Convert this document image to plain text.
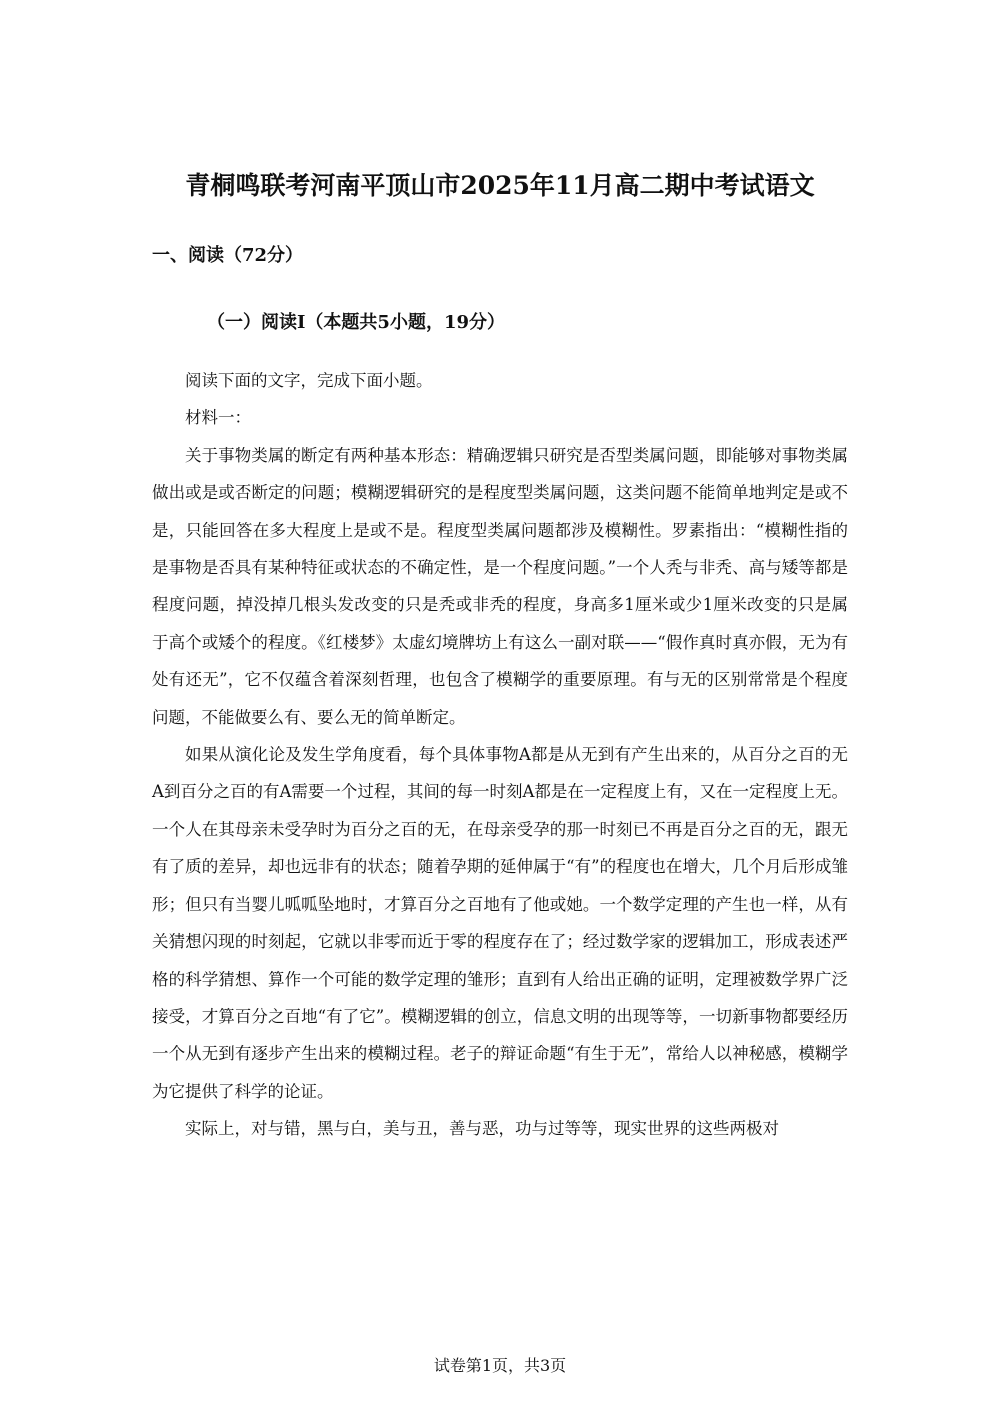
青桐鸣联考河南平顶山市2025年11月高二期中考试语文
一、阅读（72分）
（一）阅读I（本题共5小题，19分）

阅读下面的文字，完成下面小题。

材料一：

关于事物类属的断定有两种基本形态：精确逻辑只研究是否型类属问题，即能够对事物类属做出或是或否断定的问题；模糊逻辑研究的是程度型类属问题，这类问题不能简单地判定是或不是，只能回答在多大程度上是或不是。程度型类属问题都涉及模糊性。罗素指出：“模糊性指的是事物是否具有某种特征或状态的不确定性，是一个程度问题。”一个人秃与非秃、高与矮等都是程度问题，掉没掉几根头发改变的只是秃或非秃的程度，身高多1厘米或少1厘米改变的只是属于高个或矮个的程度。《红楼梦》太虚幻境牌坊上有这么一副对联——“假作真时真亦假，无为有处有还无”，它不仅蕴含着深刻哲理，也包含了模糊学的重要原理。有与无的区别常常是个程度问题，不能做要么有、要么无的简单断定。

如果从演化论及发生学角度看，每个具体事物A都是从无到有产生出来的，从百分之百的无A到百分之百的有A需要一个过程，其间的每一时刻A都是在一定程度上有，又在一定程度上无。一个人在其母亲未受孕时为百分之百的无，在母亲受孕的那一时刻已不再是百分之百的无，跟无有了质的差异，却也远非有的状态；随着孕期的延伸属于“有”的程度也在增大，几个月后形成雏形；但只有当婴儿呱呱坠地时，才算百分之百地有了他或她。一个数学定理的产生也一样，从有关猜想闪现的时刻起，它就以非零而近于零的程度存在了；经过数学家的逻辑加工，形成表述严格的科学猜想、算作一个可能的数学定理的雏形；直到有人给出正确的证明，定理被数学界广泛接受，才算百分之百地“有了它”。模糊逻辑的创立，信息文明的出现等等，一切新事物都要经历一个从无到有逐步产生出来的模糊过程。老子的辩证命题“有生于无”，常给人以神秘感，模糊学为它提供了科学的论证。

实际上，对与错，黑与白，美与丑，善与恶，功与过等等，现实世界的这些两极对

试卷第1页，共3页
